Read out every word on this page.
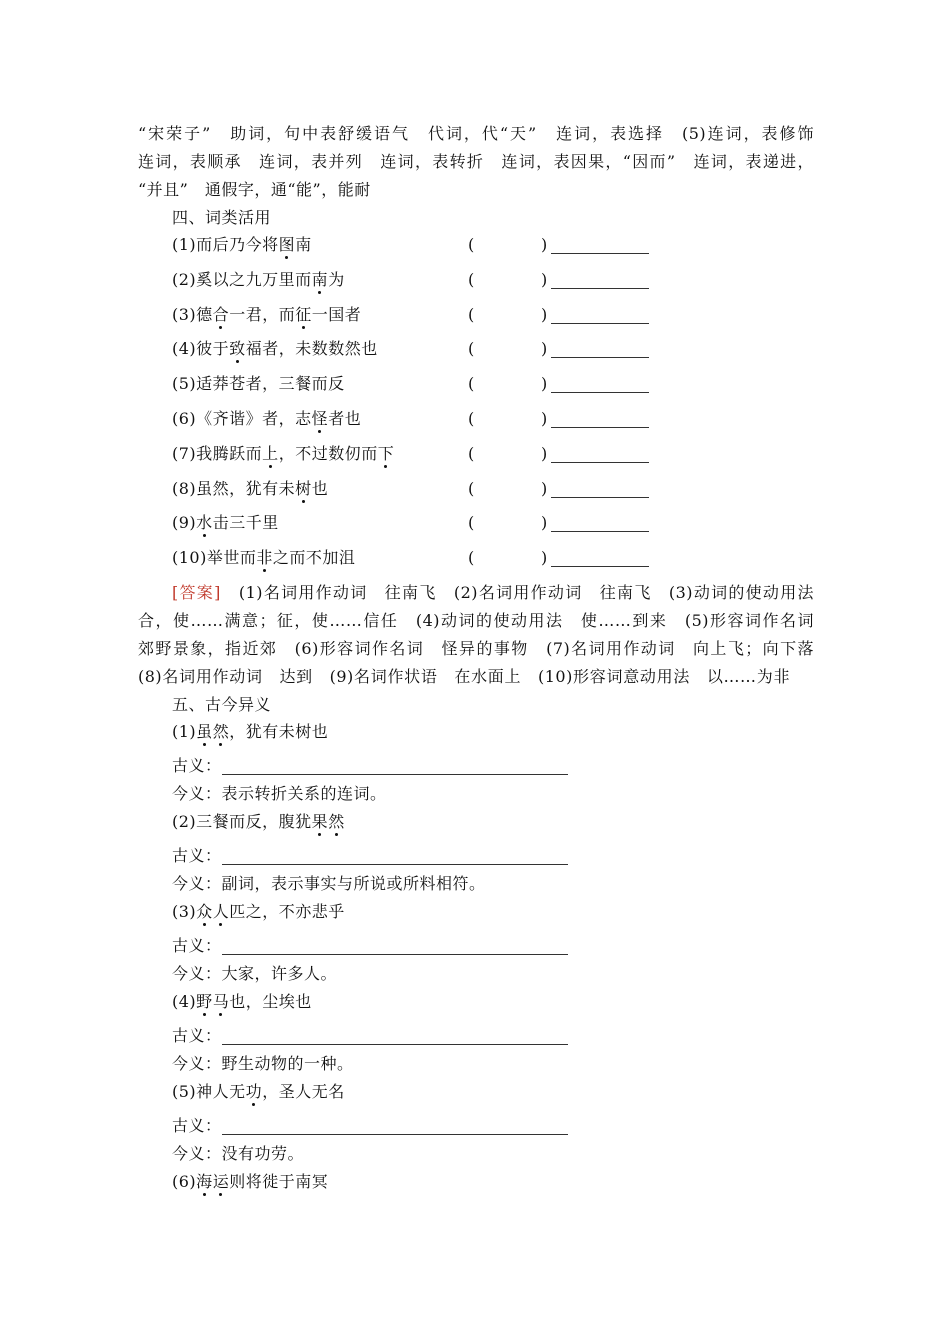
“宋荣子”　助词，句中表舒缓语气　代词，代“天”　连词，表选择　(5)连词，表修饰
连词，表顺承　连词，表并列　连词，表转折　连词，表因果，“因而”　连词，表递进，
“并且”　通假字，通“能”，能耐
四、词类活用
(1)而后乃今将图南	(	)
(2)奚以之九万里而南为	(	)
(3)德合一君，而征一国者	(	)
(4)彼于致福者，未数数然也	(	)
(5)适莽苍者，三餐而反	(	)
(6)《齐谐》者，志怪者也	(	)
(7)我腾跃而上，不过数仞而下	(	)
(8)虽然，犹有未树也	(	)
(9)水击三千里	(	)
(10)举世而非之而不加沮	(	)
[答案]　(1)名词用作动词　往南飞　(2)名词用作动词　往南飞　(3)动词的使动用法
合，使……满意；征，使……信任　(4)动词的使动用法　使……到来　(5)形容词作名词
郊野景象，指近郊　(6)形容词作名词　怪异的事物　(7)名词用作动词　向上飞；向下落
(8)名词用作动词　达到　(9)名词作状语　在水面上　(10)形容词意动用法　以……为非
五、古今异义
(1)虽然，犹有未树也
古义：
今义：表示转折关系的连词。
(2)三餐而反，腹犹果然
古义：
今义：副词，表示事实与所说或所料相符。
(3)众人匹之，不亦悲乎
古义：
今义：大家，许多人。
(4)野马也，尘埃也
古义：
今义：野生动物的一种。
(5)神人无功，圣人无名
古义：
今义：没有功劳。
(6)海运则将徙于南冥
